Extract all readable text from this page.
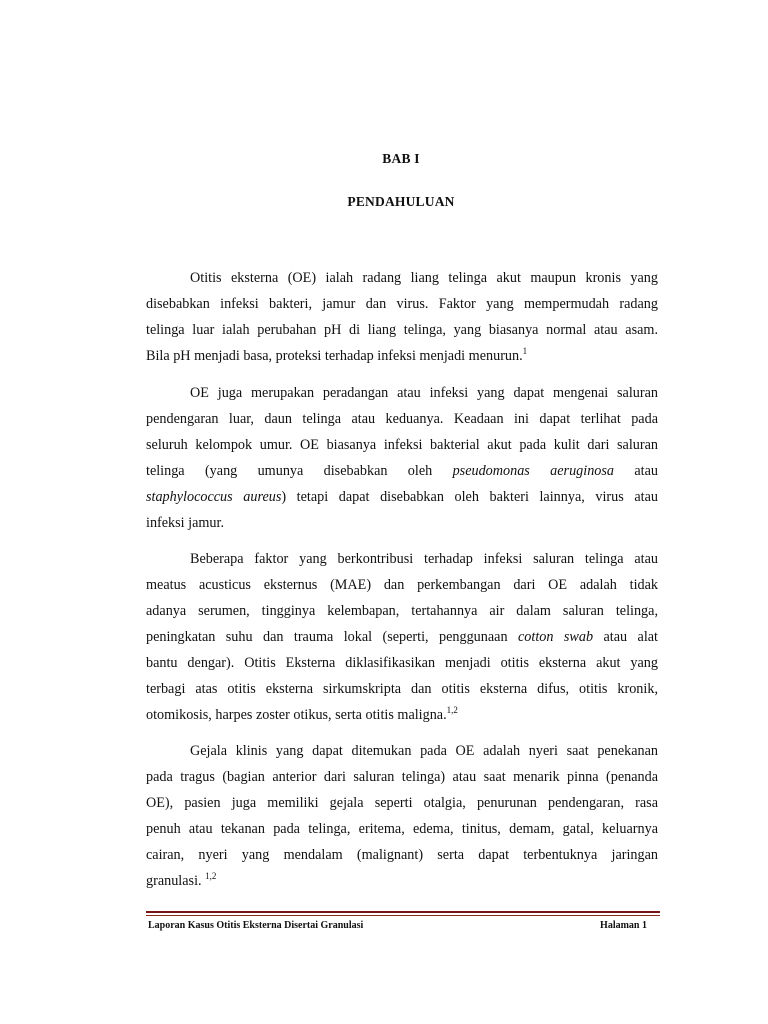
BAB I
PENDAHULUAN
Otitis eksterna (OE) ialah radang liang telinga akut maupun kronis yang
disebabkan infeksi bakteri, jamur dan virus. Faktor yang mempermudah radang
telinga luar ialah perubahan pH di liang telinga, yang biasanya normal atau asam.
Bila pH menjadi basa, proteksi terhadap infeksi menjadi menurun.$^1$
OE juga merupakan peradangan atau infeksi yang dapat mengenai saluran
pendengaran luar, daun telinga atau keduanya. Keadaan ini dapat terlihat pada
seluruh kelompok umur. OE biasanya infeksi bakterial akut pada kulit dari saluran
telinga (yang umunya disebabkan oleh pseudomonas aeruginosa atau
staphylococcus aureus) tetapi dapat disebabkan oleh bakteri lainnya, virus atau
infeksi jamur.
Beberapa faktor yang berkontribusi terhadap infeksi saluran telinga atau
meatus acusticus eksternus (MAE) dan perkembangan dari OE adalah tidak
adanya serumen, tingginya kelembapan, tertahannya air dalam saluran telinga,
peningkatan suhu dan trauma lokal (seperti, penggunaan cotton swab atau alat
bantu dengar). Otitis Eksterna diklasifikasikan menjadi otitis eksterna akut yang
terbagi atas otitis eksterna sirkumskripta dan otitis eksterna difus, otitis kronik,
otomikosis, harpes zoster otikus, serta otitis maligna.$^{1,2}$
Gejala klinis yang dapat ditemukan pada OE adalah nyeri saat penekanan
pada tragus (bagian anterior dari saluran telinga) atau saat menarik pinna (penanda
OE), pasien juga memiliki gejala seperti otalgia, penurunan pendengaran, rasa
penuh atau tekanan pada telinga, eritema, edema, tinitus, demam, gatal, keluarnya
cairan, nyeri yang mendalam (malignant) serta dapat terbentuknya jaringan
granulasi. $^{1,2}$
Laporan Kasus Otitis Eksterna Disertai Granulasi	Halaman 1
